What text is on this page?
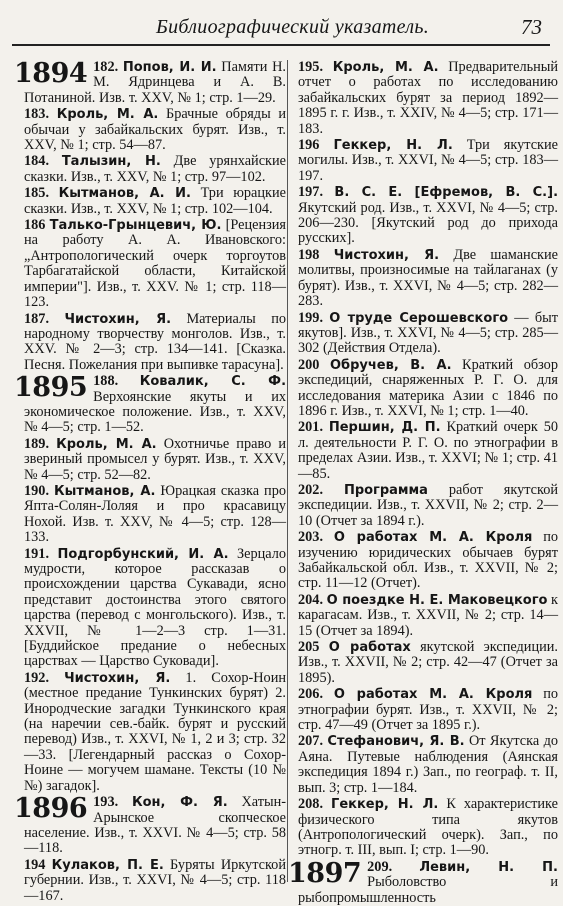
Библиографический указатель.	73
1894 182. Попов, И. И. Памяти Н. М. Ядринцева и А. В. Потаниной. Изв. т. XXV, № 1; стр. 1—29.
183. Кроль, М. А. Брачные обряды и обычаи у забайкальских бурят. Изв., т. XXV, № 1; стр. 54—87.
184. Талызин, Н. Две урянхайские сказки. Изв., т. XXV, № 1; стр. 97—102.
185. Кытманов, А. И. Три юрацкие сказки. Изв., т. XXV, № 1; стр. 102—104.
186 Талько-Грынцевич, Ю. [Рецензия на работу А. А. Ивановского: „Антропологический очерк торгоутов Тарбагатайской области, Китайской империи"]. Изв., т. XXV. № 1; стр. 118—123.
187. Чистохин, Я. Материалы по народному творчеству монголов. Изв., т. XXV. № 2—3; стр. 134—141. [Сказка. Песня. Пожелания при выпивке тарасуна].
1895 188. Ковалик, С. Ф. Верхоянские якуты и их экономическое положение. Изв., т. XXV, № 4—5; стр. 1—52.
189. Кроль, М. А. Охотничье право и звериный промысел у бурят. Изв., т. XXV, № 4—5; стр. 52—82.
190. Кытманов, А. Юрацкая сказка про Япта-Солян-Лоляя и про красавицу Нохой. Изв. т. XXV, № 4—5; стр. 128—133.
191. Подгорбунский, И. А. Зерцало мудрости, которое рассказав о происхождении царства Сукавади, ясно представит достоинства этого святого царства (перевод с монгольского). Изв., т. XXVII, № 1—2—3 стр. 1—31. [Буддийское предание о небесных царствах — Царство Суковади].
192. Чистохин, Я. 1. Сохор-Ноин (местное предание Тункинских бурят) 2. Инородческие загадки Тункинского края (на наречии сев.-байк. бурят и русский перевод) Изв., т. XXVI, № 1, 2 и 3; стр. 32—33. [Легендарный рассказ о Сохор-Ноине — могучем шамане. Тексты (10 №№) загадок].
1896 193. Кон, Ф. Я. Хатын-Арынское скопческое население. Изв., т. XXVI. № 4—5; стр. 58—118.
194 Кулаков, П. Е. Буряты Иркутской губернии. Изв., т. XXVI, № 4—5; стр. 118—167.
195. Кроль, М. А. Предварительный отчет о работах по исследованию забайкальских бурят за период 1892—1895 г. г. Изв., т. XXIV, № 4—5; стр. 171—183.
196 Геккер, Н. Л. Три якутские могилы. Изв., т. XXVI, № 4—5; стр. 183—197.
197. В. С. Е. [Ефремов, В. С.]. Якутский род. Изв., т. XXVI, № 4—5; стр. 206—230. [Якутский род до прихода русских].
198 Чистохин, Я. Две шаманские молитвы, произносимые на тайлаганах (у бурят). Изв., т. XXVI, № 4—5; стр. 282—283.
199. О труде Серошевского — быт якутов]. Изв., т. XXVI, № 4—5; стр. 285—302 (Действия Отдела).
200 Обручев, В. А. Краткий обзор экспедиций, снаряженных Р. Г. О. для исследования материка Азии с 1846 по 1896 г. Изв., т. XXVI, № 1; стр. 1—40.
201. Першин, Д. П. Краткий очерк 50 л. деятельности Р. Г. О. по этнографии в пределах Азии. Изв., т. XXVI; № 1; стр. 41—85.
202. Программа работ якутской экспедиции. Изв., т. XXVII, № 2; стр. 2—10 (Отчет за 1894 г.).
203. О работах М. А. Кроля по изучению юридических обычаев бурят Забайкальской обл. Изв., т. XXVII, № 2; стр. 11—12 (Отчет).
204. О поездке Н. Е. Маковецкого к карагасам. Изв., т. XXVII, № 2; стр. 14—15 (Отчет за 1894).
205 О работах якутской экспедиции. Изв., т. XXVII, № 2; стр. 42—47 (Отчет за 1895).
206. О работах М. А. Кроля по этнографии бурят. Изв., т. XXVII, № 2; стр. 47—49 (Отчет за 1895 г.).
207. Стефанович, Я. В. От Якутска до Аяна. Путевые наблюдения (Аянская экспедиция 1894 г.) Зап., по географ. т. II, вып. 3; стр. 1—184.
208. Геккер, Н. Л. К характеристике физического типа якутов (Антропологический очерк). Зап., по этногр. т. III, вып. I; стр. 1—90.
1897 209. Левин, Н. П. Рыболовство и рыбопромышленность
